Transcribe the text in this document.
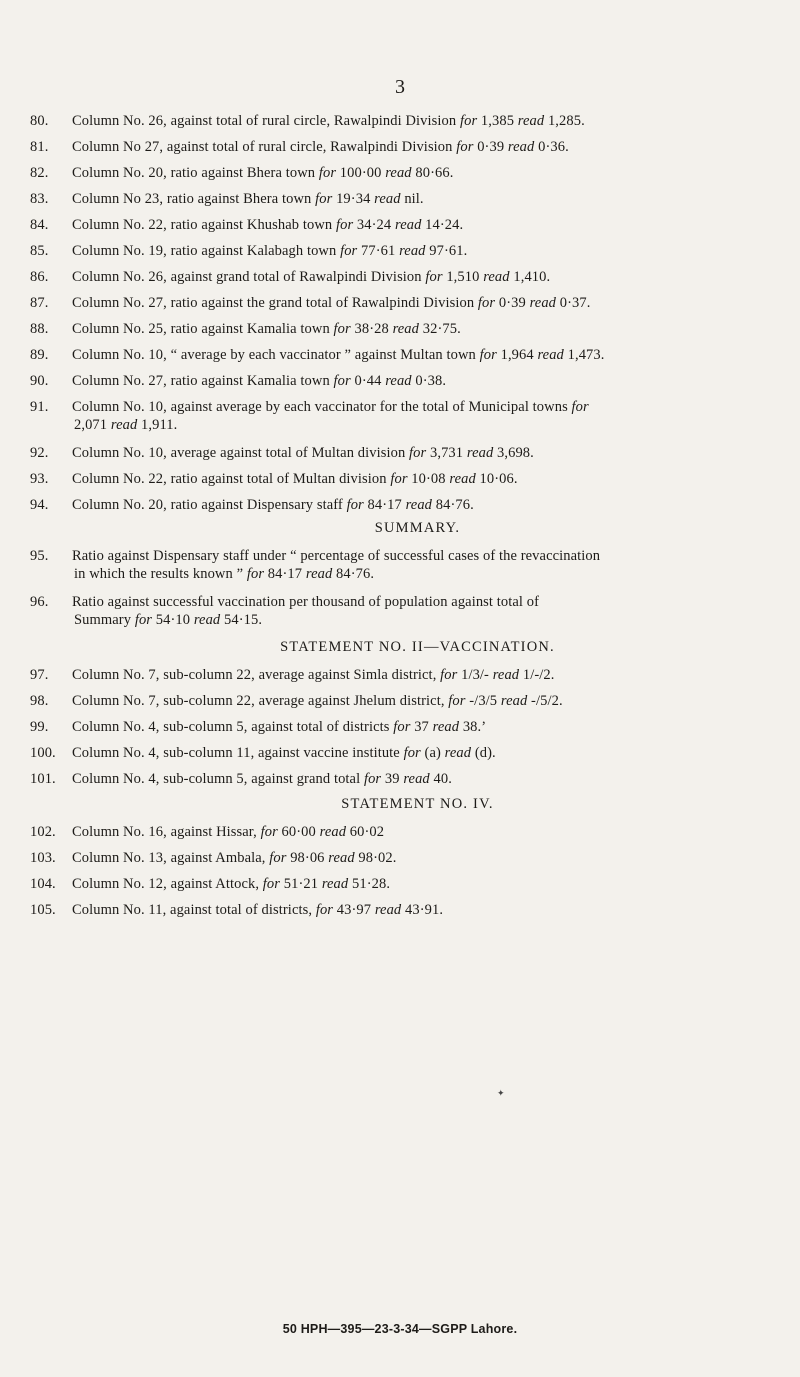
3
80.	Column No. 26, against total of rural circle, Rawalpindi Division for 1,385 read 1,285.
81.	Column No 27, against total of rural circle, Rawalpindi Division for 0·39 read 0·36.
82.	Column No. 20, ratio against Bhera town for 100·00 read 80·66.
83.	Column No 23, ratio against Bhera town for 19·34 read nil.
84.	Column No. 22, ratio against Khushab town for 34·24 read 14·24.
85.	Column No. 19, ratio against Kalabagh town for 77·61 read 97·61.
86.	Column No. 26, against grand total of Rawalpindi Division for 1,510 read 1,410.
87.	Column No. 27, ratio against the grand total of Rawalpindi Division for 0·39 read 0·37.
88.	Column No. 25, ratio against Kamalia town for 38·28 read 32·75.
89.	Column No. 10, “ average by each vaccinator ” against Multan town for 1,964 read 1,473.
90.	Column No. 27, ratio against Kamalia town for 0·44 read 0·38.
91.	Column No. 10, against average by each vaccinator for the total of Municipal towns for
2,071 read 1,911.
92.	Column No. 10, average against total of Multan division for 3,731 read 3,698.
93.	Column No. 22, ratio against total of Multan division for 10·08 read 10·06.
94.	Column No. 20, ratio against Dispensary staff for 84·17 read 84·76.
SUMMARY.
95.	Ratio against Dispensary staff under “ percentage of successful cases of the revaccination
in which the results known ” for 84·17 read 84·76.
96.	Ratio against successful vaccination per thousand of population against total of
Summary for 54·10 read 54·15.
STATEMENT NO. II—VACCINATION.
97.	Column No. 7, sub-column 22, average against Simla district, for 1/3/- read 1/-/2.
98.	Column No. 7, sub-column 22, average against Jhelum district, for -/3/5 read -/5/2.
99.	Column No. 4, sub-column 5, against total of districts for 37 read 38.’
100.	Column No. 4, sub-column 11, against vaccine institute for (a) read (d).
101.	Column No. 4, sub-column 5, against grand total for 39 read 40.
STATEMENT NO. IV.
102.	Column No. 16, against Hissar, for 60·00 read 60·02
103.	Column No. 13, against Ambala, for 98·06 read 98·02.
104.	Column No. 12, against Attock, for 51·21 read 51·28.
105.	Column No. 11, against total of districts, for 43·97 read 43·91.
✦
50 HPH—395—23-3-34—SGPP Lahore.
